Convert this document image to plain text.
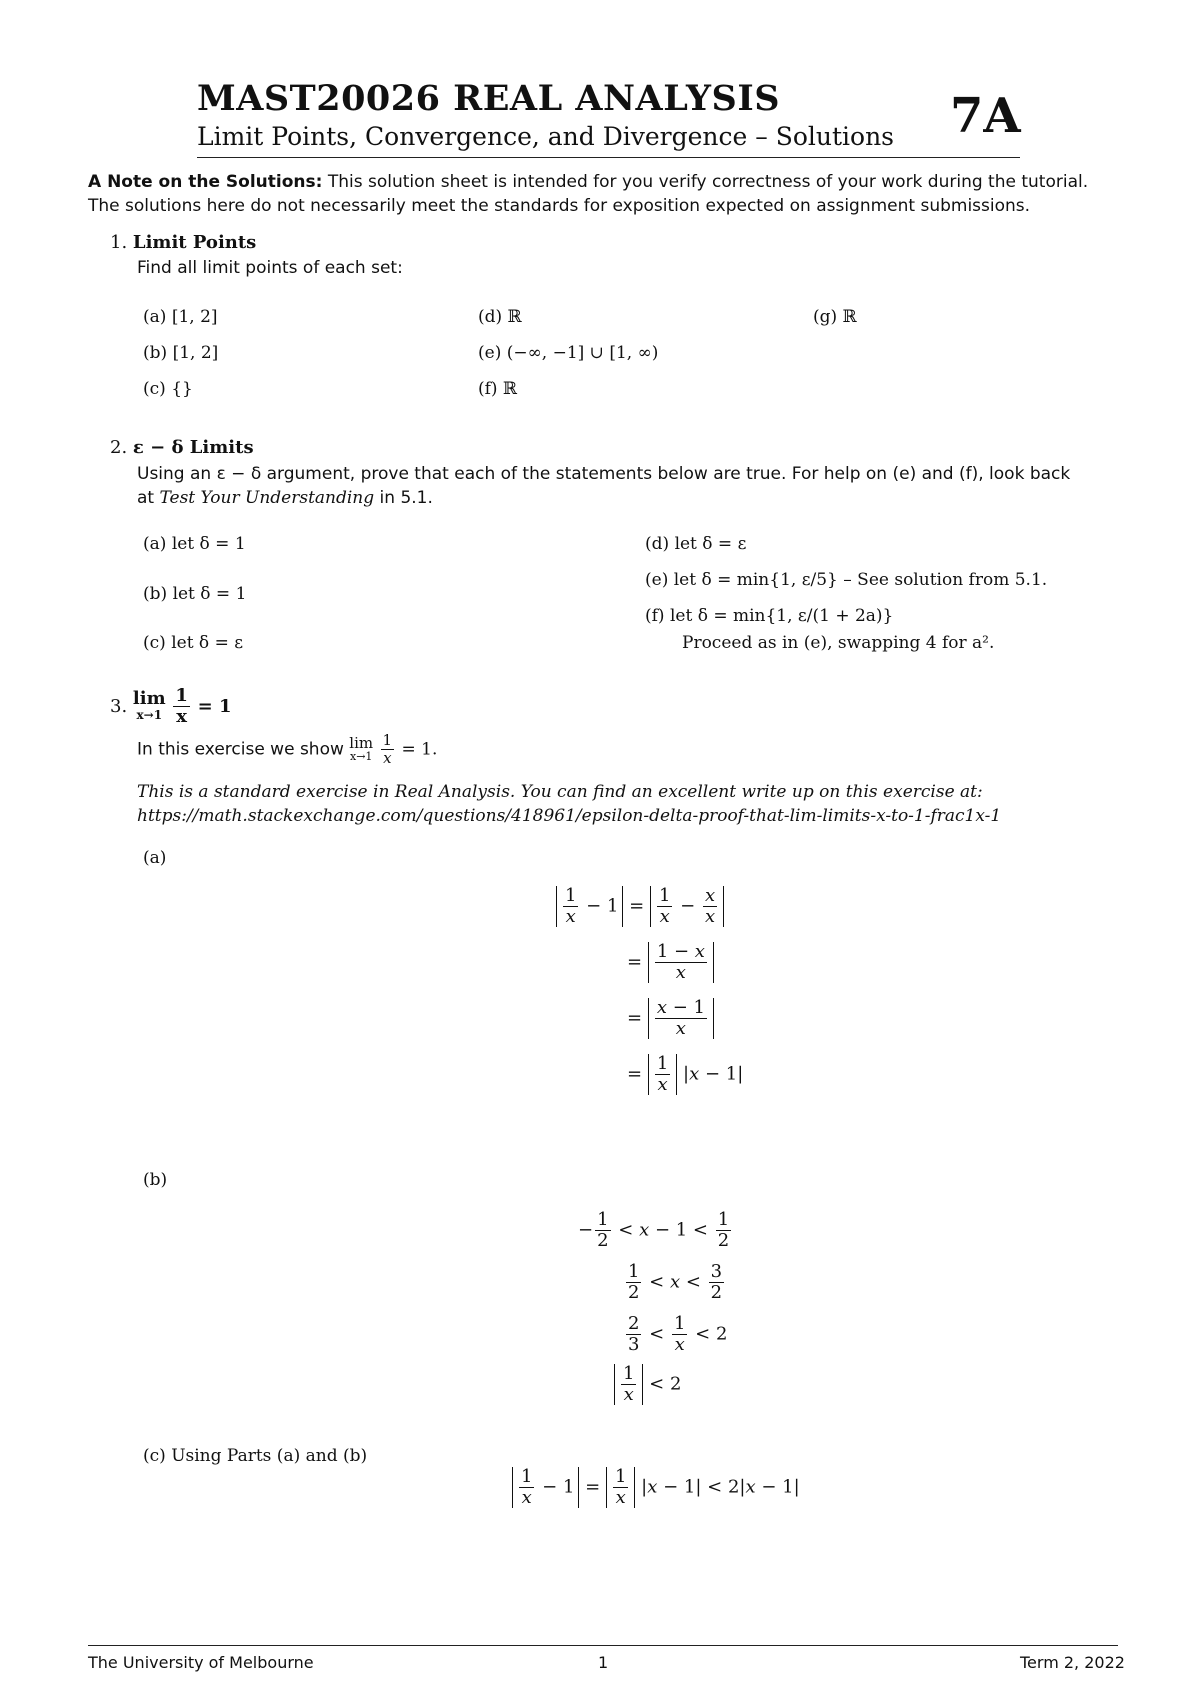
MAST20026 REAL ANALYSIS
Limit Points, Convergence, and Divergence – Solutions 7A
A Note on the Solutions: This solution sheet is intended for you verify correctness of your work during the tutorial.
The solutions here do not necessarily meet the standards for exposition expected on assignment submissions.
1. Limit Points
Find all limit points of each set:
(a) [1, 2]
(b) [1, 2]
(c) {}
(d) ℝ
(e) (−∞, −1] ∪ [1, ∞)
(f) ℝ
(g) ℝ
2. ε − δ Limits
Using an ε − δ argument, prove that each of the statements below are true. For help on (e) and (f), look back
at Test Your Understanding in 5.1.
(a) let δ = 1
(b) let δ = 1
(c) let δ = ε
(d) let δ = ε
(e) let δ = min{1, ε/5} – See solution from 5.1.
(f) let δ = min{1, ε/(1 + 2a)}
Proceed as in (e), swapping 4 for a².
3. lim
x→1
$\frac{1}{x} = 1$
In this exercise we show lim
x→1
$\frac{1}{x} = 1$.
This is a standard exercise in Real Analysis. You can find an excellent write up on this exercise at:
https://math.stackexchange.com/questions/418961/epsilon-delta-proof-that-lim-limits-x-to-1-frac1x-1
(a)
$\frac{1}{x} - 1 = \frac{1}{x} - \frac{x}{x}$
= $\frac{1 - x}{x}$
= $\frac{x - 1}{x}$
= $\frac{1}{x} |x - 1|$
(b)
− $\frac{1}{2} < x - 1 < \frac{1}{2}$
$\frac{1}{2} < x < \frac{3}{2}$
$\frac{2}{3} < \frac{1}{x} < 2$
$\frac{1}{x} < 2$
(c) Using Parts (a) and (b)
$\frac{1}{x} - 1 = \frac{1}{x} |x - 1| < 2|x - 1|$
The University of Melbourne	1	Term 2, 2022
